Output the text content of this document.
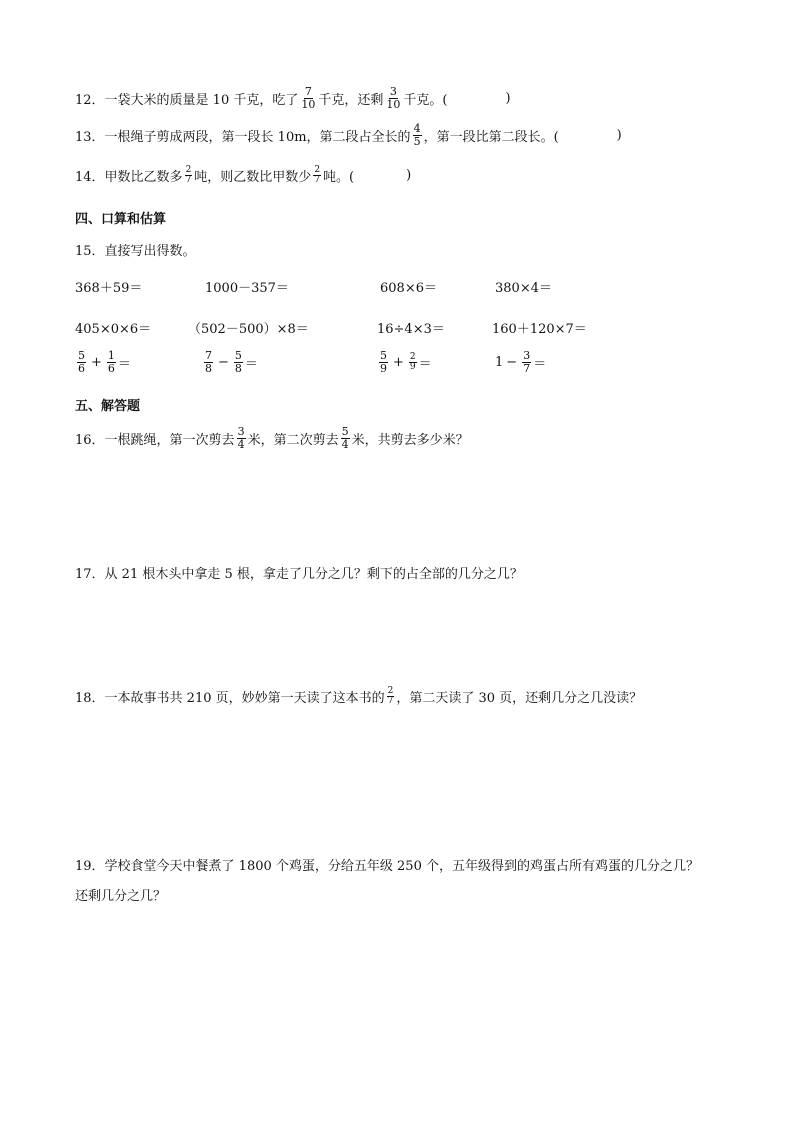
12． 一袋大米的质量是 10 千克，吃了 $\frac{7}{10}$ 千克，还剩 $\frac{3}{10}$ 千克。(	)
13． 一根绳子剪成两段，第一段长 10m，第二段占全长的 $\frac{4}{5}$ ，第一段比第二段长。(	)
14． 甲数比乙数多 $\frac{2}{7}$ 吨，则乙数比甲数少 $\frac{2}{7}$ 吨。(	)
四、口算和估算
15．直接写出得数。
368＋59＝	1000－357＝	608×6＝	380×4＝
405×0×6＝	（502－500）×8＝	16÷4×3＝	160＋120×7＝
$\frac{5}{6} + \frac{1}{6}$ ＝	$\frac{7}{8} - \frac{5}{8}$ ＝	$\frac{5}{9} + \frac{2}{9}$ ＝	$1 - \frac{3}{7}$ ＝
五、解答题
16． 一根跳绳，第一次剪去 $\frac{3}{4}$ 米，第二次剪去 $\frac{5}{4}$ 米，共剪去多少米？
17．从 21 根木头中拿走 5 根，拿走了几分之几？剩下的占全部的几分之几？
18． 一本故事书共 210 页，妙妙第一天读了这本书的 $\frac{2}{7}$ ，第二天读了 30 页，还剩几分之几没读？
19．学校食堂今天中餐煮了 1800 个鸡蛋，分给五年级 250 个，五年级得到的鸡蛋占所有鸡蛋的几分之几？
还剩几分之几？
